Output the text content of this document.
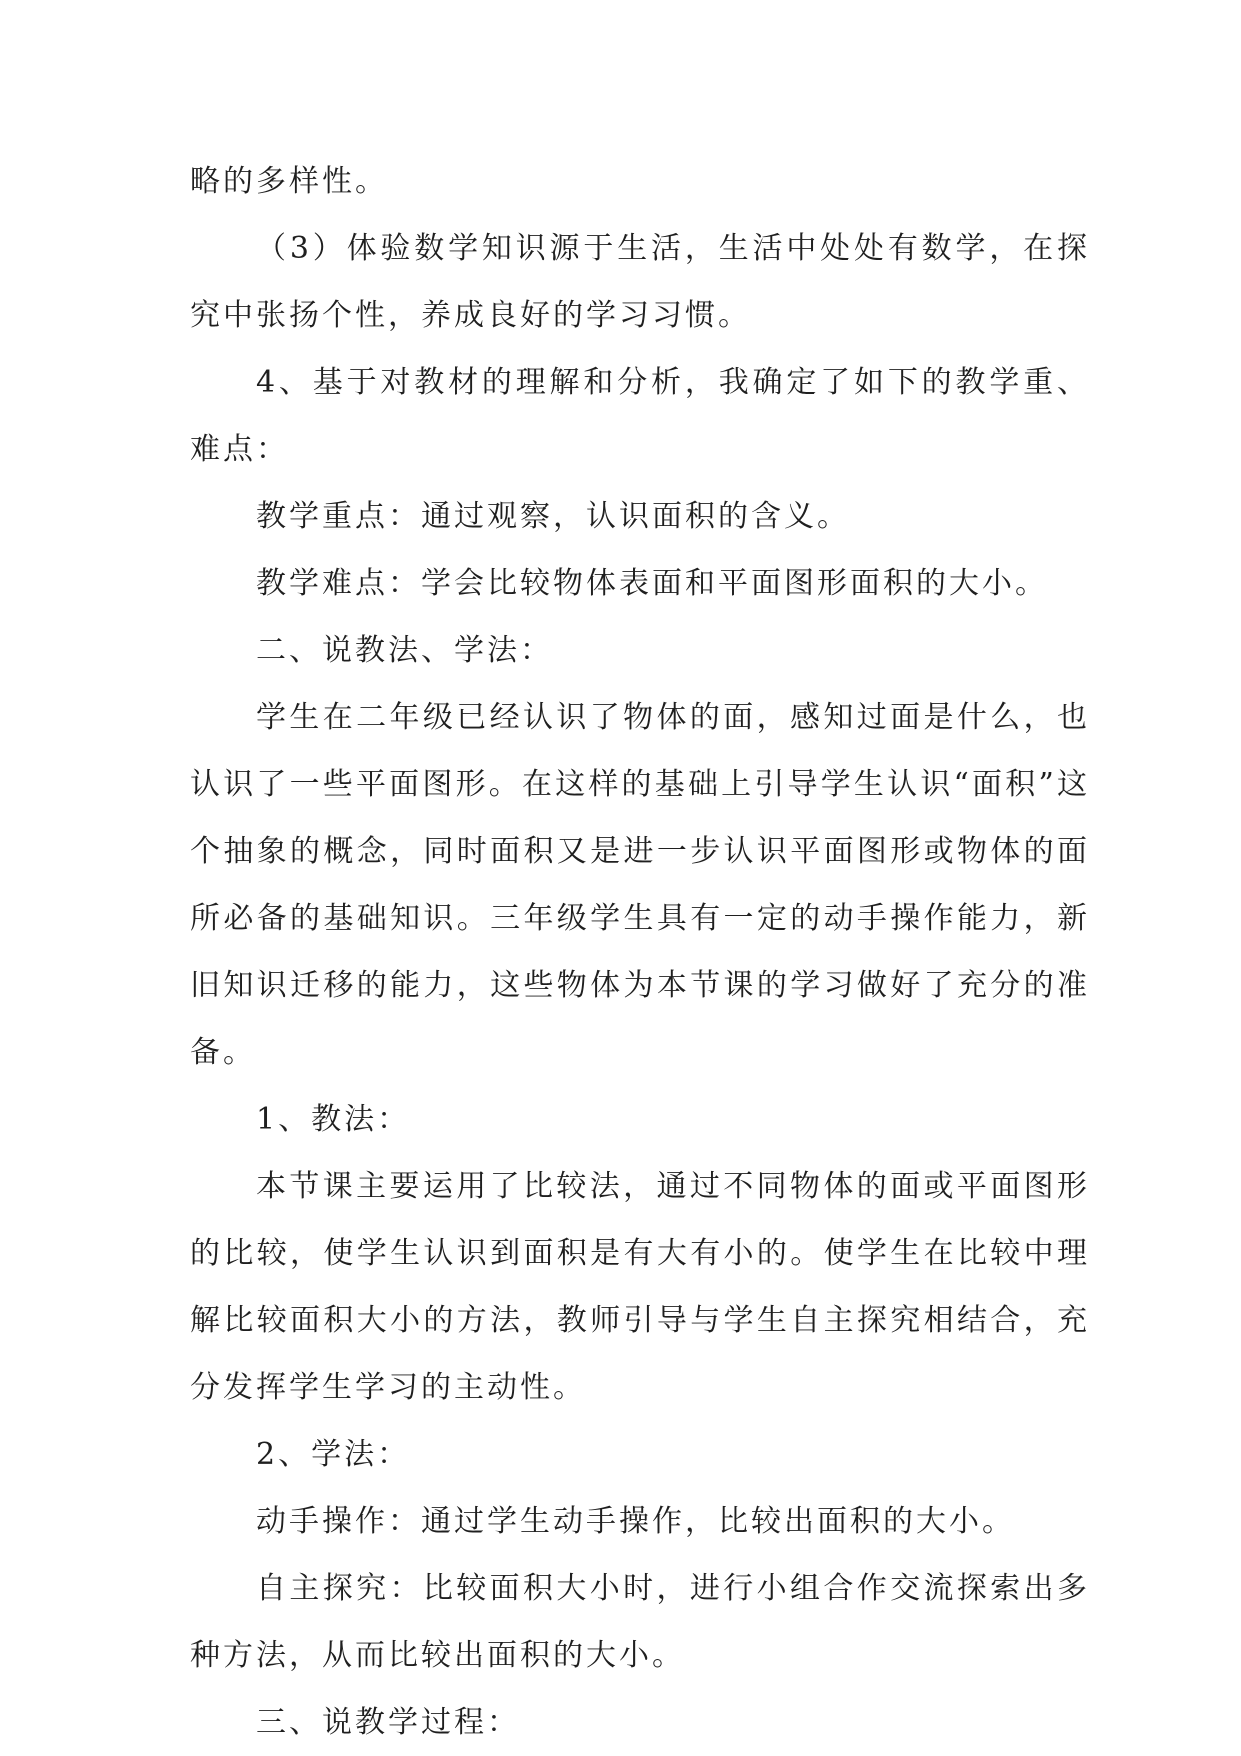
略的多样性。

（3）体验数学知识源于生活，生活中处处有数学，在探究中张扬个性，养成良好的学习习惯。

4、基于对教材的理解和分析，我确定了如下的教学重、难点：

教学重点：通过观察，认识面积的含义。

教学难点：学会比较物体表面和平面图形面积的大小。

二、说教法、学法：

学生在二年级已经认识了物体的面，感知过面是什么，也认识了一些平面图形。在这样的基础上引导学生认识“面积”这个抽象的概念，同时面积又是进一步认识平面图形或物体的面所必备的基础知识。三年级学生具有一定的动手操作能力，新旧知识迁移的能力，这些物体为本节课的学习做好了充分的准备。

1、教法：

本节课主要运用了比较法，通过不同物体的面或平面图形的比较，使学生认识到面积是有大有小的。使学生在比较中理解比较面积大小的方法，教师引导与学生自主探究相结合，充分发挥学生学习的主动性。

2、学法：

动手操作：通过学生动手操作，比较出面积的大小。

自主探究：比较面积大小时，进行小组合作交流探索出多种方法，从而比较出面积的大小。

三、说教学过程：
